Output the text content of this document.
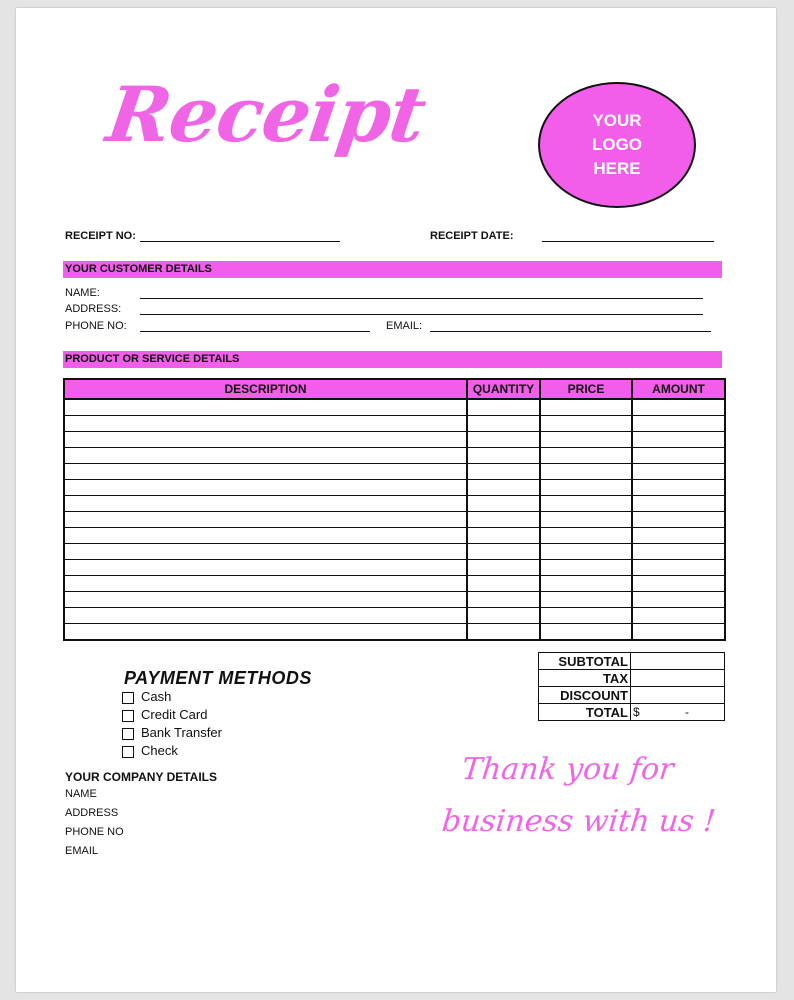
Receipt	YOUR
LOGO
HERE
RECEIPT NO:	RECEIPT DATE:
YOUR CUSTOMER DETAILS
NAME:
ADDRESS:
PHONE NO:	EMAIL:
PRODUCT OR SERVICE DETAILS
DESCRIPTION	QUANTITY	PRICE	AMOUNT

SUBTOTAL	
TAX	
DISCOUNT	
TOTAL	$ -
PAYMENT METHODS
Cash
Credit Card
Bank Transfer
Check
YOUR COMPANY DETAILS
NAME
ADDRESS
PHONE NO
EMAIL
Thank you for
business with us !
